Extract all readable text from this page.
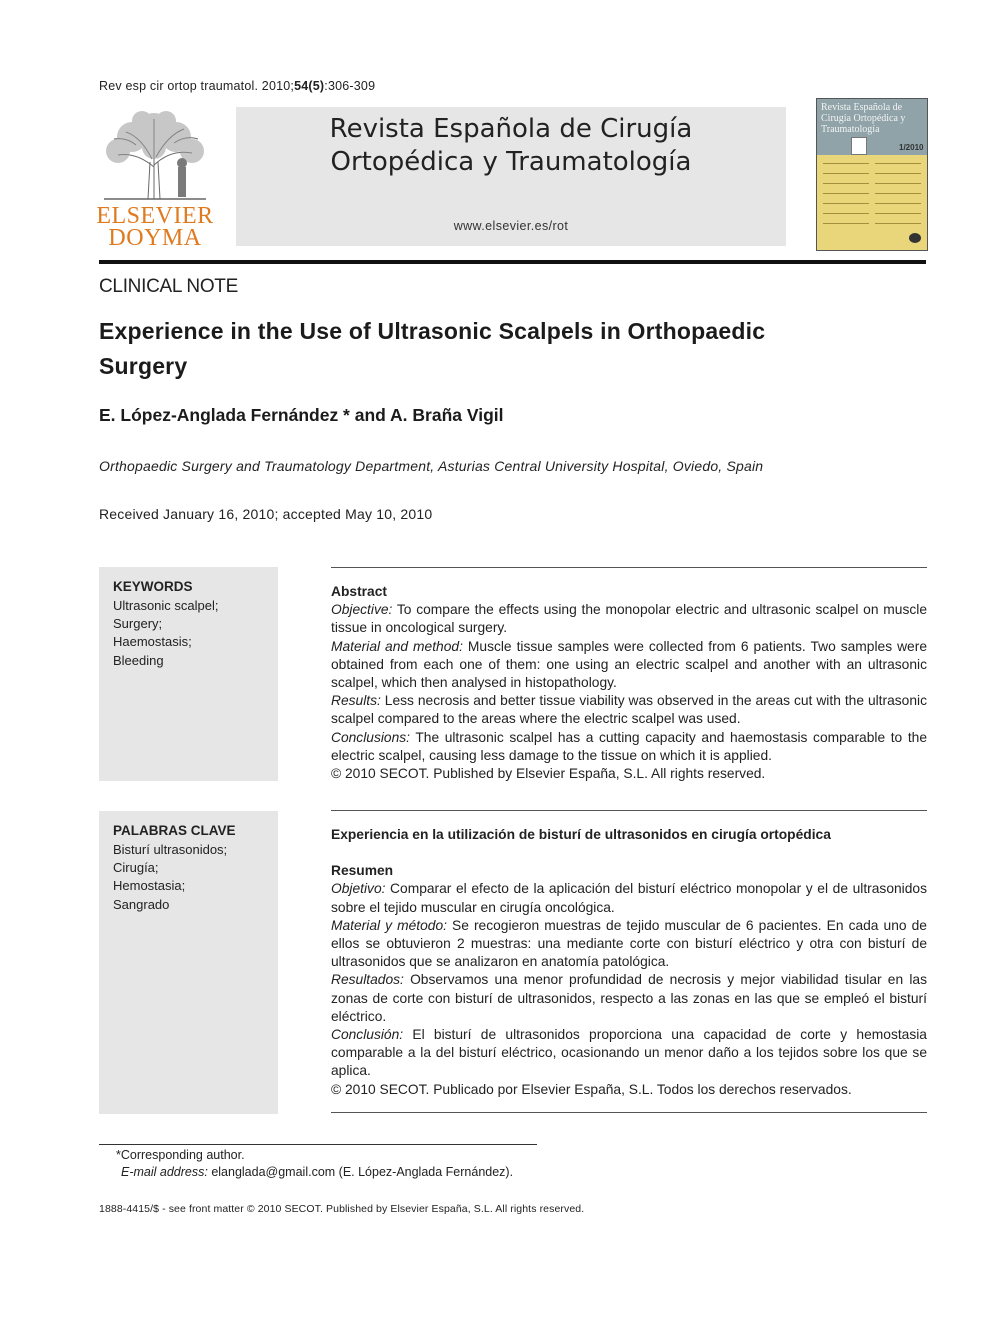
Rev esp cir ortop traumatol. 2010;54(5):306-309
ELSEVIER
DOYMA
Revista Española de Cirugía
Ortopédica y Traumatología
www.elsevier.es/rot
Revista Española de Cirugía Ortopédica y Traumatología
1/2010
CLINICAL NOTE
Experience in the Use of Ultrasonic Scalpels in Orthopaedic
Surgery
E. López-Anglada Fernández * and A. Braña Vigil
Orthopaedic Surgery and Traumatology Department, Asturias Central University Hospital, Oviedo, Spain
Received January 16, 2010; accepted May 10, 2010
KEYWORDS
Ultrasonic scalpel;
Surgery;
Haemostasis;
Bleeding

Abstract

Objective: To compare the effects using the monopolar electric and ultrasonic scalpel on muscle tissue in oncological surgery.

Material and method: Muscle tissue samples were collected from 6 patients. Two samples were obtained from each one of them: one using an electric scalpel and another with an ultrasonic scalpel, which then analysed in histopathology.

Results: Less necrosis and better tissue viability was observed in the areas cut with the ultrasonic scalpel compared to the areas where the electric scalpel was used.

Conclusions: The ultrasonic scalpel has a cutting capacity and haemostasis comparable to the electric scalpel, causing less damage to the tissue on which it is applied.

© 2010 SECOT. Published by Elsevier España, S.L. All rights reserved.

PALABRAS CLAVE
Bisturí ultrasonidos;
Cirugía;
Hemostasia;
Sangrado

Experiencia en la utilización de bisturí de ultrasonidos en cirugía ortopédica

Resumen

Objetivo: Comparar el efecto de la aplicación del bisturí eléctrico monopolar y el de ultrasonidos sobre el tejido muscular en cirugía oncológica.

Material y método: Se recogieron muestras de tejido muscular de 6 pacientes. En cada uno de ellos se obtuvieron 2 muestras: una mediante corte con bisturí eléctrico y otra con bisturí de ultrasonidos que se analizaron en anatomía patológica.

Resultados: Observamos una menor profundidad de necrosis y mejor viabilidad tisular en las zonas de corte con bisturí de ultrasonidos, respecto a las zonas en las que se empleó el bisturí eléctrico.

Conclusión: El bisturí de ultrasonidos proporciona una capacidad de corte y hemostasia comparable a la del bisturí eléctrico, ocasionando un menor daño a los tejidos sobre los que se aplica.

© 2010 SECOT. Publicado por Elsevier España, S.L. Todos los derechos reservados.

*Corresponding author.
E-mail address: elanglada@gmail.com (E. López-Anglada Fernández).
1888-4415/$ - see front matter © 2010 SECOT. Published by Elsevier España, S.L. All rights reserved.
